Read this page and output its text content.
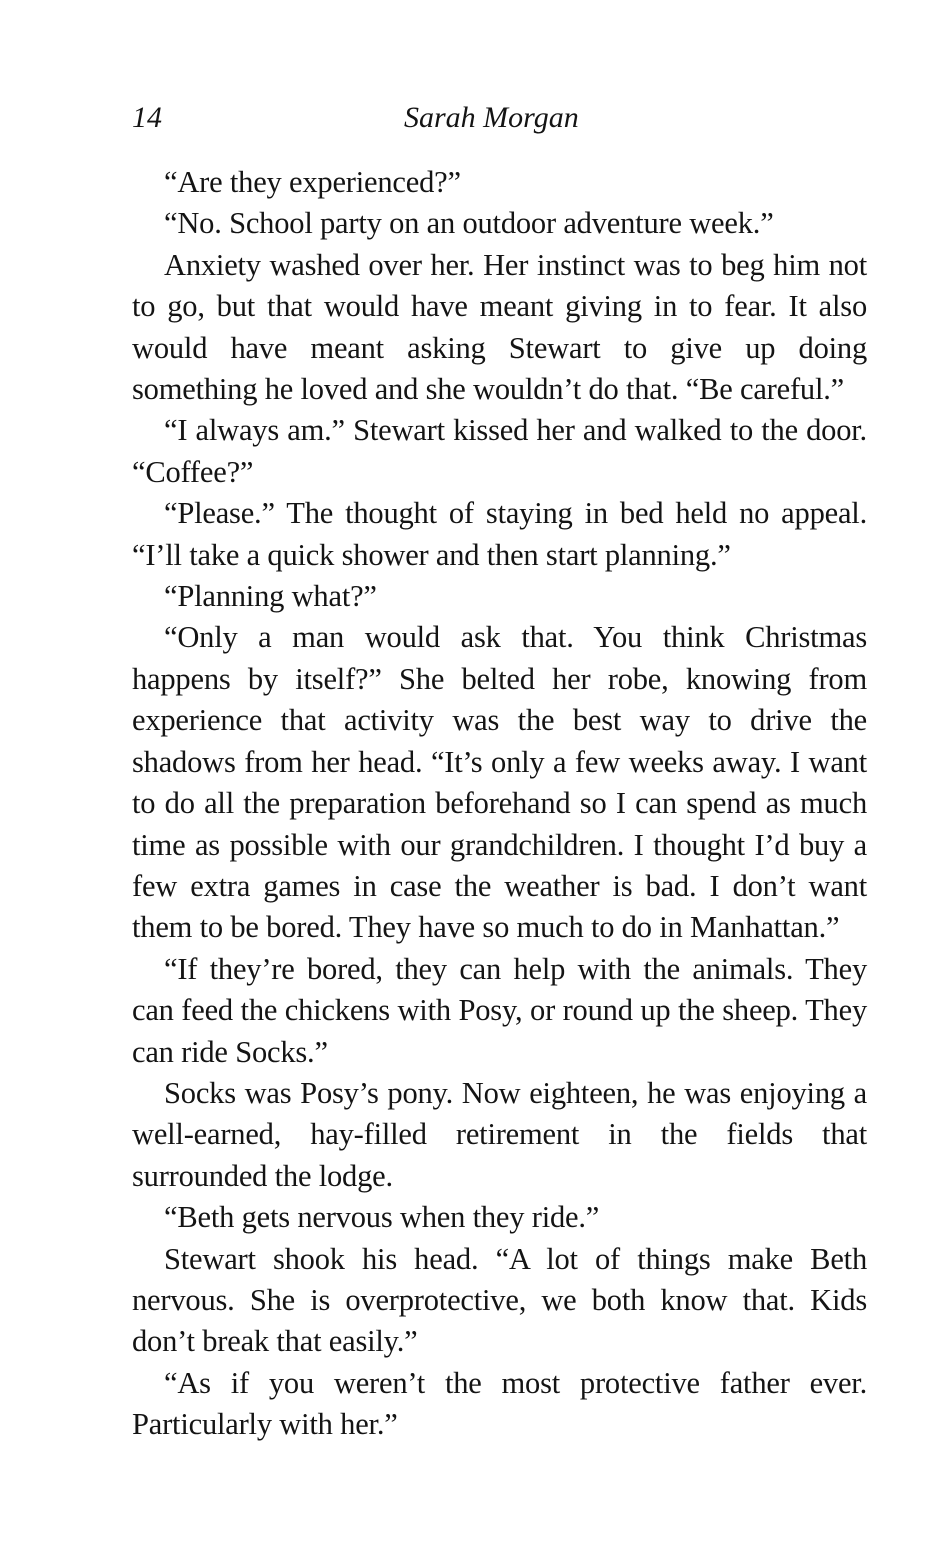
14	Sarah Morgan

“Are they experienced?”

“No. School party on an outdoor adventure week.”

Anxiety washed over her. Her instinct was to beg him not to go, but that would have meant giving in to fear. It also would have meant asking Stewart to give up doing something he loved and she wouldn’t do that. “Be careful.”

“I always am.” Stewart kissed her and walked to the door. “Coffee?”

“Please.” The thought of staying in bed held no appeal. “I’ll take a quick shower and then start planning.”

“Planning what?”

“Only a man would ask that. You think Christmas happens by itself?” She belted her robe, knowing from experience that activity was the best way to drive the shadows from her head. “It’s only a few weeks away. I want to do all the preparation beforehand so I can spend as much time as possible with our grandchildren. I thought I’d buy a few extra games in case the weather is bad. I don’t want them to be bored. They have so much to do in Manhattan.”

“If they’re bored, they can help with the animals. They can feed the chickens with Posy, or round up the sheep. They can ride Socks.”

Socks was Posy’s pony. Now eighteen, he was enjoying a well-earned, hay-filled retirement in the fields that surrounded the lodge.

“Beth gets nervous when they ride.”

Stewart shook his head. “A lot of things make Beth nervous. She is overprotective, we both know that. Kids don’t break that easily.”

“As if you weren’t the most protective father ever. Particularly with her.”
